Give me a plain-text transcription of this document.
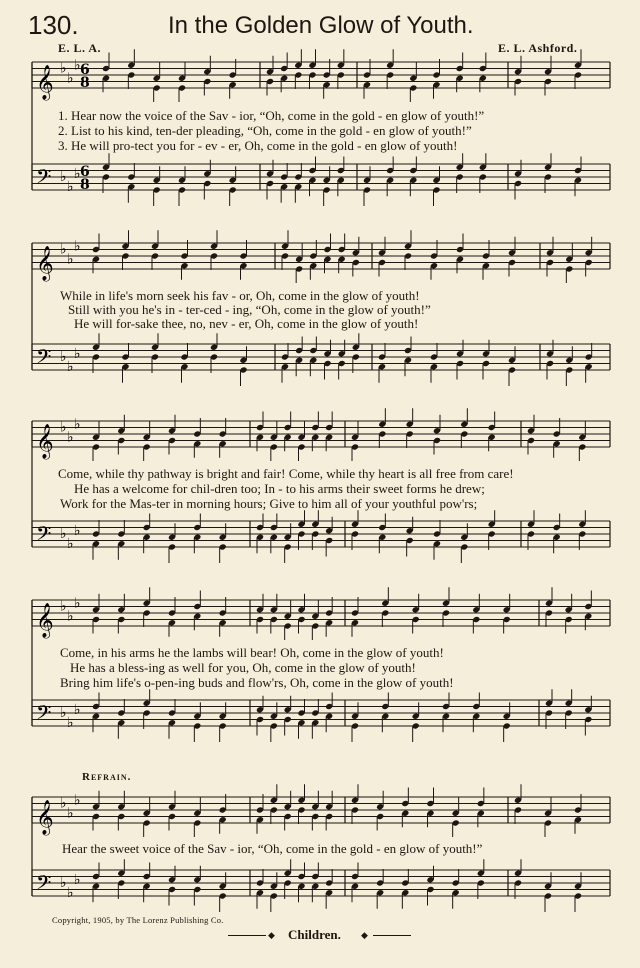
130.	In the Golden Glow of Youth.
E. L. A.	E. L. Ashford.
𝄞 ♭
♭
♭ 6
8
𝄢 ♭
♭
♭ 6
8
𝄞 ♭
♭
♭
𝄢 ♭
♭
♭
𝄞 ♭
♭
♭
𝄢 ♭
♭
♭
𝄞 ♭
♭
♭
𝄢 ♭
♭
♭
𝄞 ♭
♭
♭
𝄢 ♭
♭
♭
1. Hear now the voice of the Sav - ior, “Oh, come in the gold - en glow of youth!”
2. List to his kind, ten-der pleading, “Oh, come in the gold - en glow of youth!”
3. He will pro-tect you for - ev - er, Oh, come in the gold - en glow of youth!
While in life's morn seek his fav - or, Oh, come in the glow of youth!
Still with you he's in - ter-ced - ing, “Oh, come in the glow of youth!”
He will for-sake thee, no, nev - er, Oh, come in the glow of youth!
Come, while thy pathway is bright and fair! Come, while thy heart is all free from care!
He has a welcome for chil-dren too; In - to his arms their sweet forms he drew;
Work for the Mas-ter in morning hours; Give to him all of your youthful pow'rs;
Come, in his arms he the lambs will bear! Oh, come in the glow of youth!
He has a bless-ing as well for you, Oh, come in the glow of youth!
Bring him life's o-pen-ing buds and flow'rs, Oh, come in the glow of youth!
Refrain.
Hear the sweet voice of the Sav - ior, “Oh, come in the gold - en glow of youth!”
Copyright, 1905, by The Lorenz Publishing Co.
◆ Children. ◆
